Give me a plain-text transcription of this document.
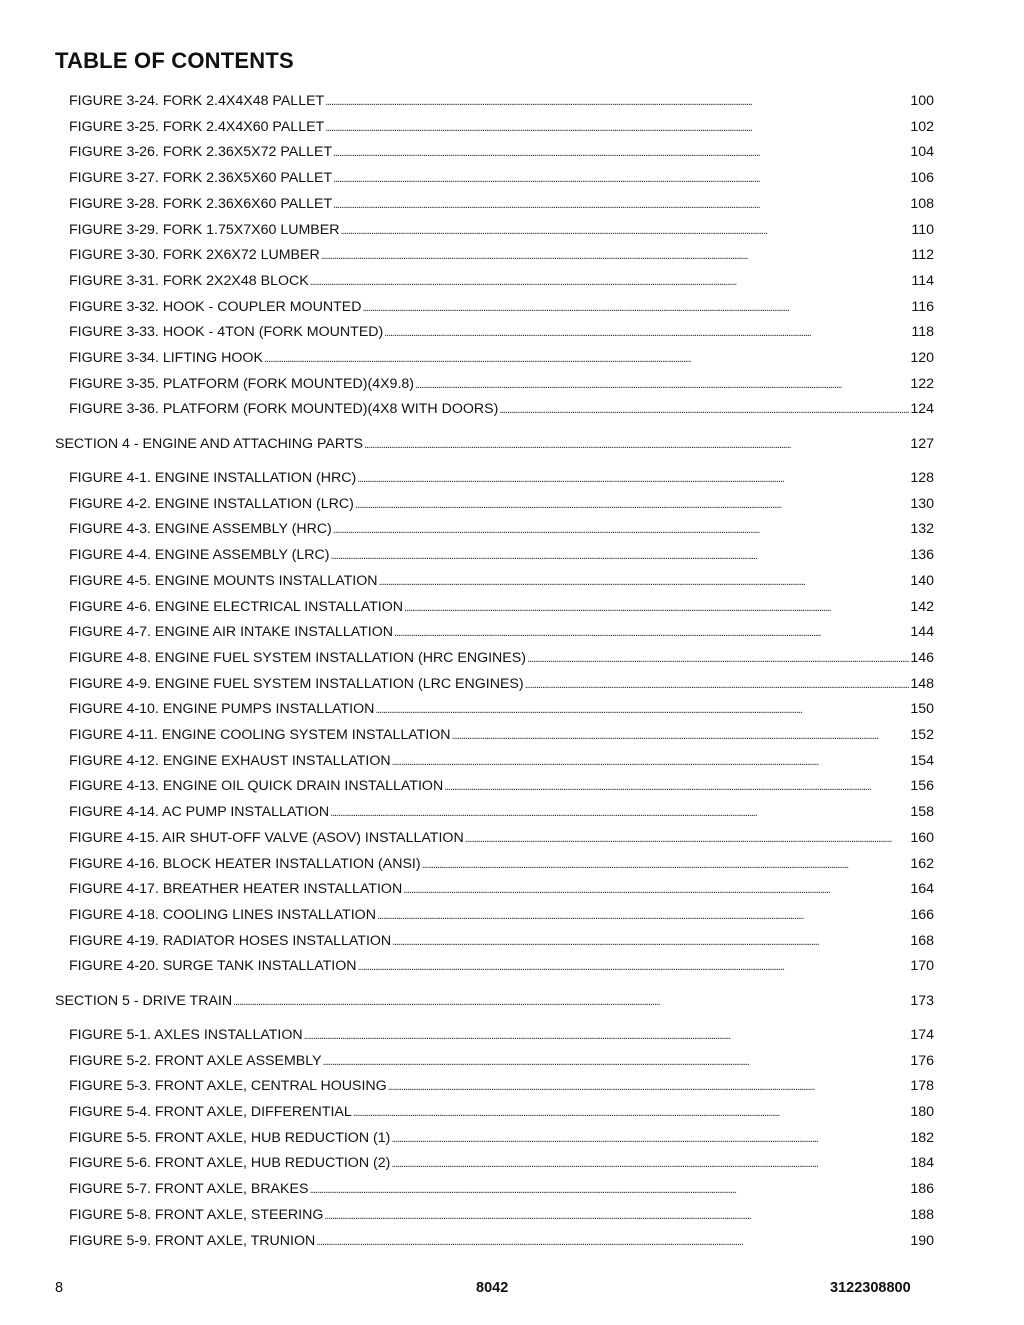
TABLE OF CONTENTS
FIGURE 3-24. FORK 2.4X4X48 PALLET . . .	100
FIGURE 3-25. FORK 2.4X4X60 PALLET . . .	102
FIGURE 3-26. FORK 2.36X5X72 PALLET . . .	104
FIGURE 3-27. FORK 2.36X5X60 PALLET . . .	106
FIGURE 3-28. FORK 2.36X6X60 PALLET . . .	108
FIGURE 3-29. FORK 1.75X7X60 LUMBER . . .	110
FIGURE 3-30. FORK 2X6X72 LUMBER . . .	112
FIGURE 3-31. FORK 2X2X48 BLOCK . . .	114
FIGURE 3-32. HOOK - COUPLER MOUNTED . . .	116
FIGURE 3-33. HOOK - 4TON (FORK MOUNTED) . . .	118
FIGURE 3-34. LIFTING HOOK . . .	120
FIGURE 3-35. PLATFORM (FORK MOUNTED)(4X9.8) . . .	122
FIGURE 3-36. PLATFORM (FORK MOUNTED)(4X8 WITH DOORS) . . .	124
SECTION 4 - ENGINE AND ATTACHING PARTS . . .	127
FIGURE 4-1. ENGINE INSTALLATION (HRC) . . .	128
FIGURE 4-2. ENGINE INSTALLATION (LRC) . . .	130
FIGURE 4-3. ENGINE ASSEMBLY (HRC) . . .	132
FIGURE 4-4. ENGINE ASSEMBLY (LRC) . . .	136
FIGURE 4-5. ENGINE MOUNTS INSTALLATION . . .	140
FIGURE 4-6. ENGINE ELECTRICAL INSTALLATION . . .	142
FIGURE 4-7. ENGINE AIR INTAKE INSTALLATION . . .	144
FIGURE 4-8. ENGINE FUEL SYSTEM INSTALLATION (HRC ENGINES) . . .	146
FIGURE 4-9. ENGINE FUEL SYSTEM INSTALLATION (LRC ENGINES) . . .	148
FIGURE 4-10. ENGINE PUMPS INSTALLATION . . .	150
FIGURE 4-11. ENGINE COOLING SYSTEM INSTALLATION . . .	152
FIGURE 4-12. ENGINE EXHAUST INSTALLATION . . .	154
FIGURE 4-13. ENGINE OIL QUICK DRAIN INSTALLATION . . .	156
FIGURE 4-14. AC PUMP INSTALLATION . . .	158
FIGURE 4-15. AIR SHUT-OFF VALVE (ASOV) INSTALLATION . . .	160
FIGURE 4-16. BLOCK HEATER INSTALLATION (ANSI) . . .	162
FIGURE 4-17. BREATHER HEATER INSTALLATION . . .	164
FIGURE 4-18. COOLING LINES INSTALLATION . . .	166
FIGURE 4-19. RADIATOR HOSES INSTALLATION . . .	168
FIGURE 4-20. SURGE TANK INSTALLATION . . .	170
SECTION 5 - DRIVE TRAIN . . .	173
FIGURE 5-1. AXLES INSTALLATION . . .	174
FIGURE 5-2. FRONT AXLE ASSEMBLY . . .	176
FIGURE 5-3. FRONT AXLE, CENTRAL HOUSING . . .	178
FIGURE 5-4. FRONT AXLE, DIFFERENTIAL . . .	180
FIGURE 5-5. FRONT AXLE, HUB REDUCTION (1) . . .	182
FIGURE 5-6. FRONT AXLE, HUB REDUCTION (2) . . .	184
FIGURE 5-7. FRONT AXLE, BRAKES . . .	186
FIGURE 5-8. FRONT AXLE, STEERING . . .	188
FIGURE 5-9. FRONT AXLE, TRUNION . . .	190
8	8042	3122308800
